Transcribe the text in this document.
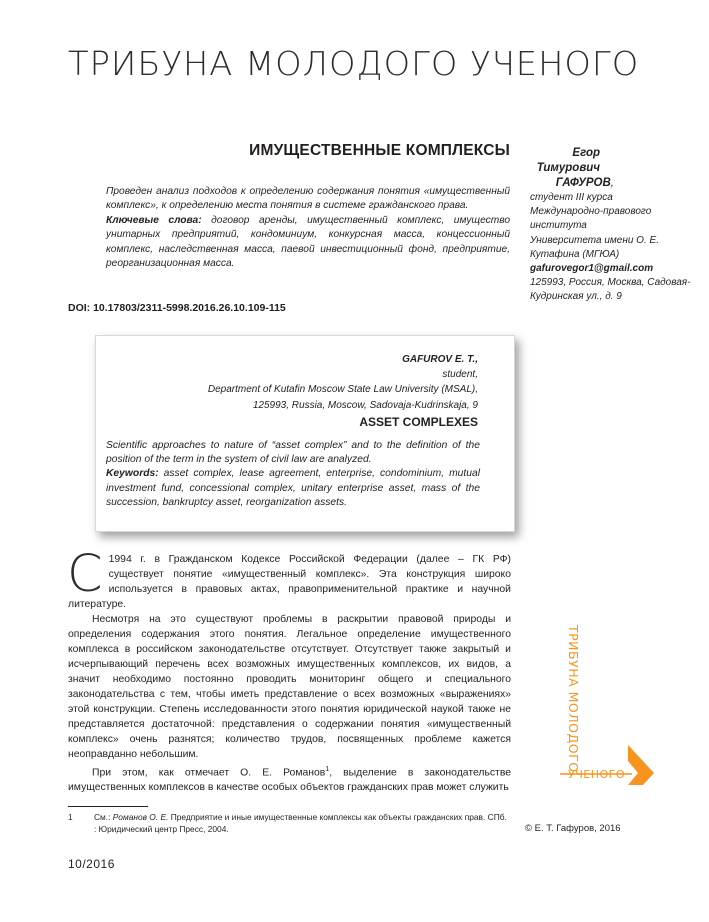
ТРИБУНА МОЛОДОГО УЧЕНОГО
ИМУЩЕСТВЕННЫЕ КОМПЛЕКСЫ	Егор
Тимурович
ГАФУРОВ,
студент III курса
Международно-правового института
Университета имени О. Е. Кутафина (МГЮА)
gafurovegor1@gmail.com
125993, Россия, Москва, Садовая-Кудринская ул., д. 9

Проведен анализ подходов к определению содержания понятия «имущественный комплекс», к определению места понятия в системе гражданского права.

Ключевые слова: договор аренды, имущественный комплекс, имущество унитарных предприятий, кондоминиум, конкурсная масса, концессионный комплекс, наследственная масса, паевой инвестиционный фонд, предприятие, реорганизационная масса.

DOI: 10.17803/2311-5998.2016.26.10.109-115
GAFUROV E. T.,
student,
Department of Kutafin Moscow State Law University (MSAL),
125993, Russia, Moscow, Sadovaja-Kudrinskaja, 9
ASSET COMPLEXES

Scientific approaches to nature of “asset complex” and to the definition of the position of the term in the system of civil law are analyzed.

Keywords: asset complex, lease agreement, enterprise, condominium, mutual investment fund, concessional complex, unitary enterprise asset, mass of the succession, bankruptcy asset, reorganization assets.

С 1994 г. в Гражданском Кодексе Российской Федерации (далее – ГК РФ) существует понятие «имущественный комплекс». Эта конструкция широко используется в правовых актах, правоприменительной практике и научной литературе.

Несмотря на это существуют проблемы в раскрытии правовой природы и определения содержания этого понятия. Легальное определение имущественного комплекса в российском законодательстве отсутствует. Отсутствует также закрытый и исчерпывающий перечень всех возможных имущественных комплексов, их видов, а значит необходимо постоянно проводить мониторинг общего и специального законодательства с тем, чтобы иметь представление о всех возможных «выражениях» этой конструкции. Степень исследованности этого понятия юридической наукой также не представляется достаточной: представления о содержании понятия «имущественный комплекс» очень разнятся; количество трудов, посвященных проблеме кажется неоправданно небольшим.

При этом, как отмечает О. Е. Романов$^1$, выделение в законодательстве имущественных комплексов в качестве особых объектов гражданских прав может служить

1	См.: Романов О. Е. Предприятие и иные имущественные комплексы как объекты гражданских прав. СПб. : Юридический центр Пресс, 2004.	© Е. Т. Гафуров, 2016
10/2016
ТРИБУНА МОЛОДОГО
УЧЕНОГО
